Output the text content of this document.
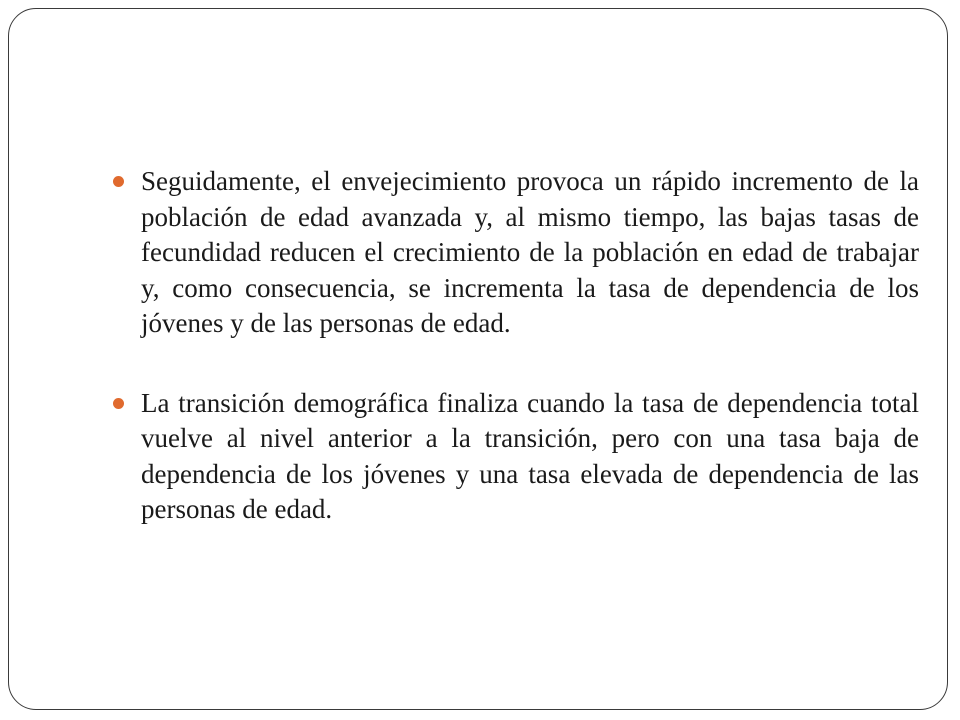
Seguidamente, el envejecimiento provoca un rápido incremento de la población de edad avanzada y, al mismo tiempo, las bajas tasas de fecundidad reducen el crecimiento de la población en edad de trabajar y, como consecuencia, se incrementa la tasa de dependencia de los jóvenes y de las personas de edad.

La transición demográfica finaliza cuando la tasa de dependencia total vuelve al nivel anterior a la transición, pero con una tasa baja de dependencia de los jóvenes y una tasa elevada de dependencia de las personas de edad.
